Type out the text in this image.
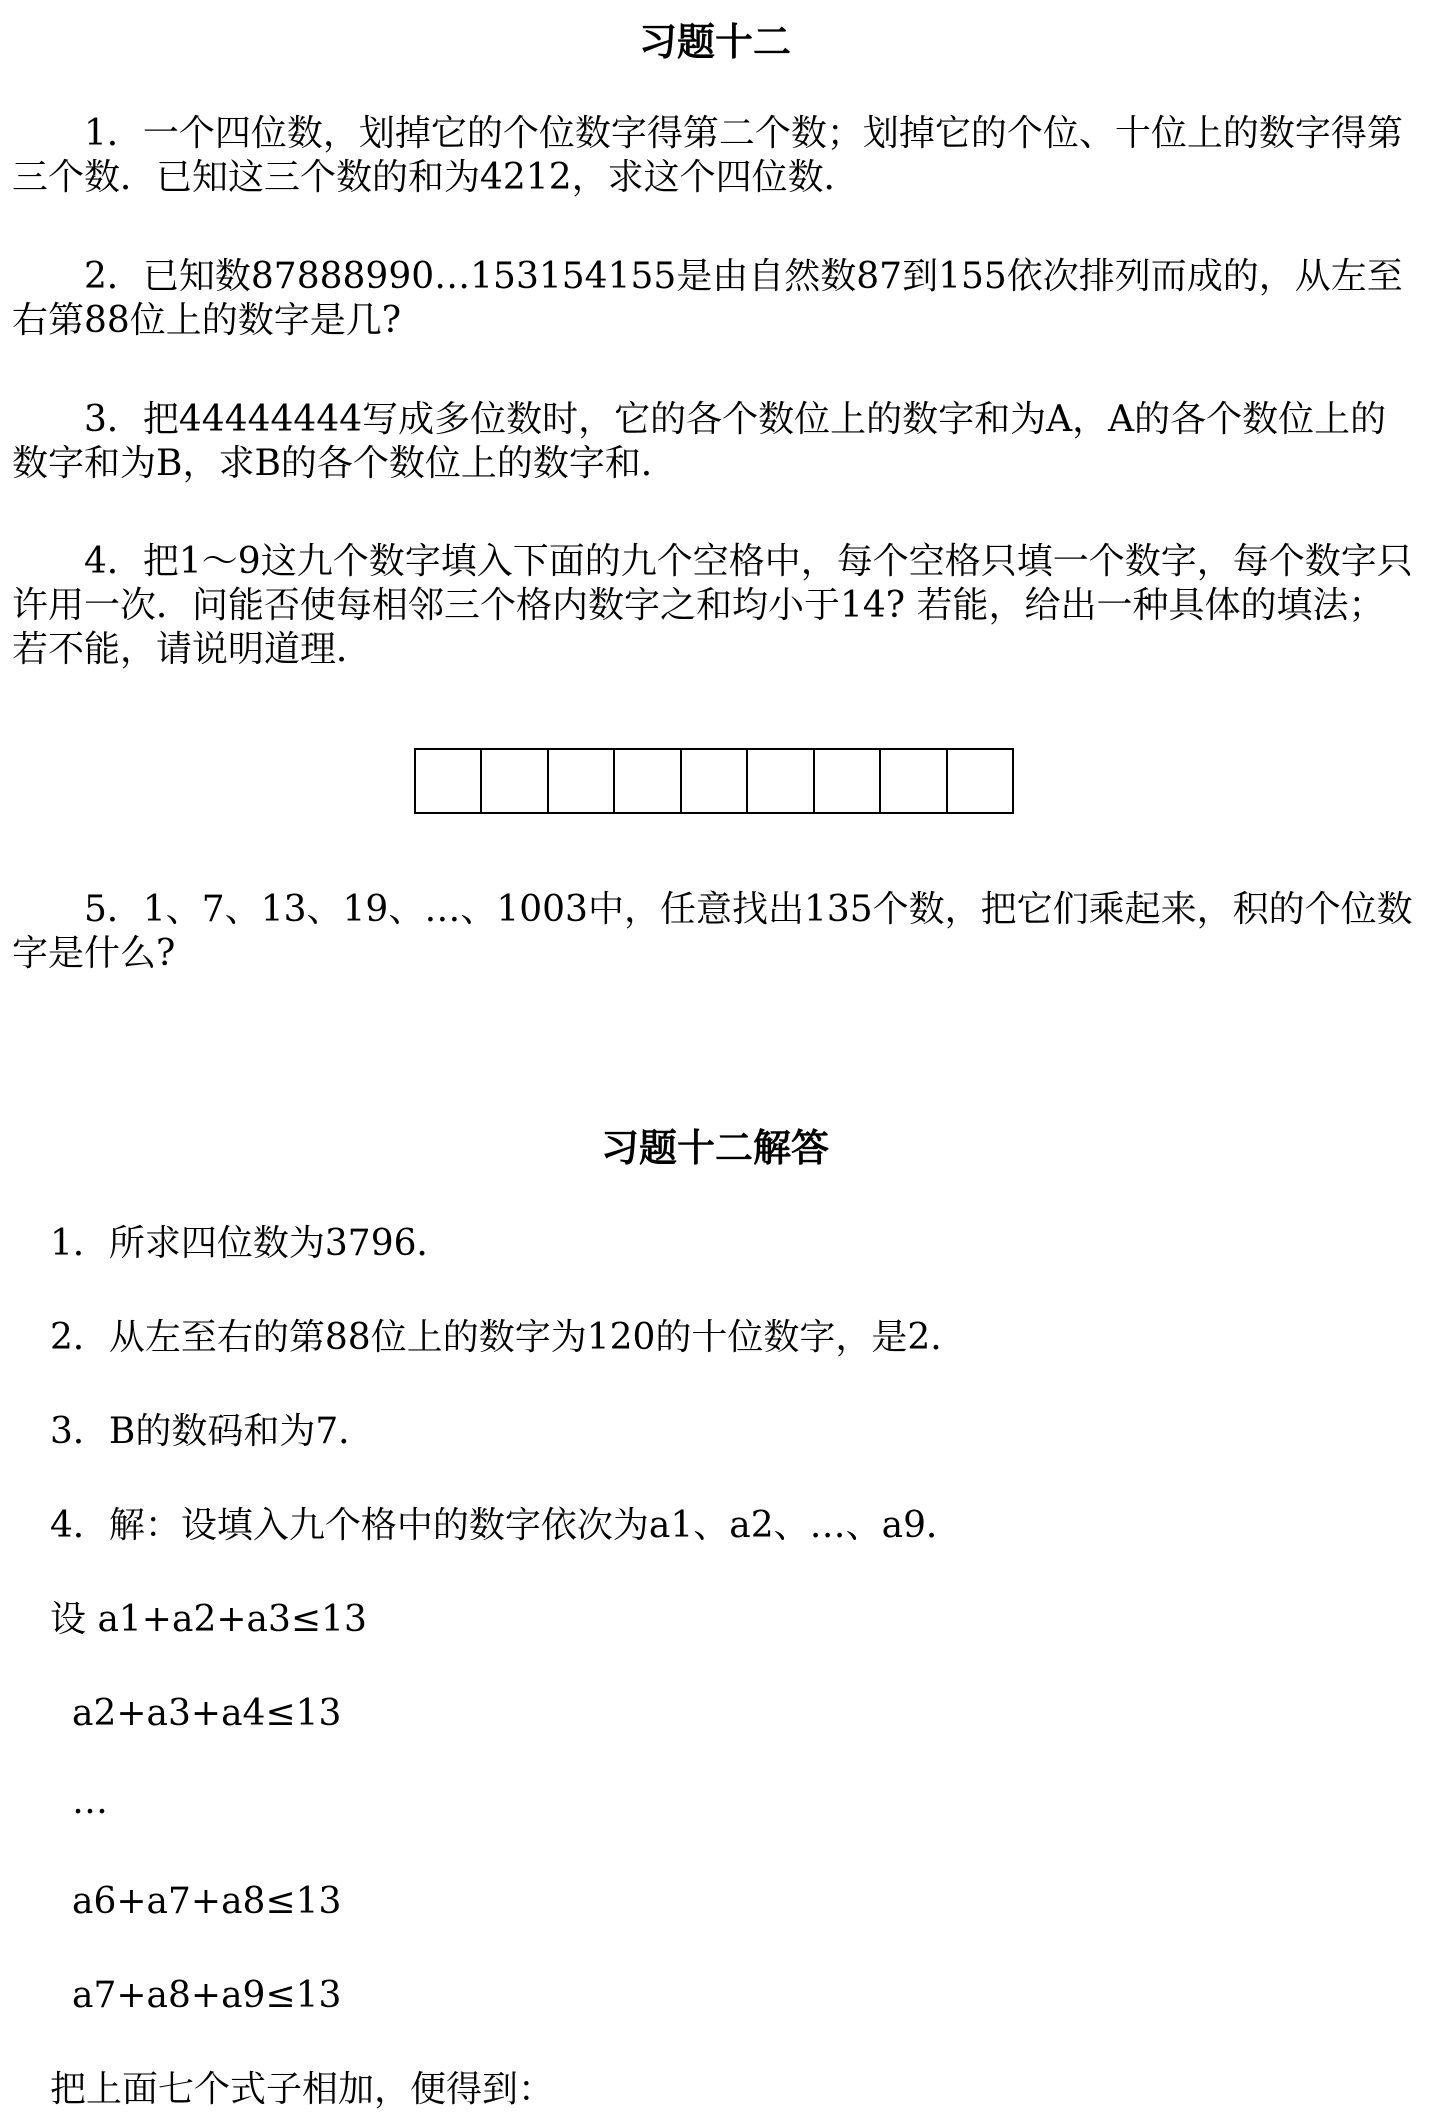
习题十二

1．一个四位数，划掉它的个位数字得第二个数；划掉它的个位、十位上的数字得第三个数．已知这三个数的和为4212，求这个四位数．

2．已知数87888990…153154155是由自然数87到155依次排列而成的，从左至右第88位上的数字是几?

3．把44444444写成多位数时，它的各个数位上的数字和为A，A的各个数位上的数字和为B，求B的各个数位上的数字和．

4．把1～9这九个数字填入下面的九个空格中，每个空格只填一个数字，每个数字只许用一次．问能否使每相邻三个格内数字之和均小于14? 若能，给出一种具体的填法；若不能，请说明道理．

5．1、7、13、19、…、1003中，任意找出135个数，把它们乘起来，积的个位数字是什么?

习题十二解答

1．所求四位数为3796．

2．从左至右的第88位上的数字为120的十位数字，是2．

3．B的数码和为7．

4．解：设填入九个格中的数字依次为a1、a2、…、a9．

设 a1+a2+a3≤13

a2+a3+a4≤13

…

a6+a7+a8≤13

a7+a8+a9≤13

把上面七个式子相加，便得到：
